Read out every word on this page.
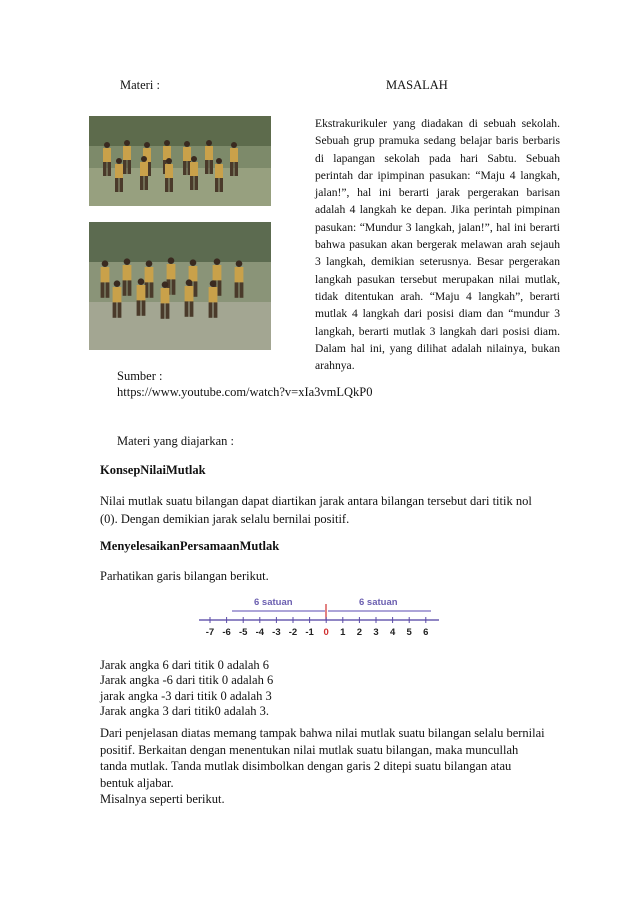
Materi :	MASALAH
Ekstrakurikuler yang diadakan di sebuah sekolah. Sebuah grup pramuka sedang belajar baris berbaris di lapangan sekolah pada hari Sabtu. Sebuah perintah dar ipimpinan pasukan: “Maju 4 langkah, jalan!”, hal ini berarti jarak pergerakan barisan adalah 4 langkah ke depan. Jika perintah pimpinan pasukan: “Mundur 3 langkah, jalan!”, hal ini berarti bahwa pasukan akan bergerak melawan arah sejauh 3 langkah, demikian seterusnya. Besar pergerakan langkah pasukan tersebut merupakan nilai mutlak, tidak ditentukan arah. “Maju 4 langkah”, berarti mutlak 4 langkah dari posisi diam dan “mundur 3 langkah, berarti mutlak 3 langkah dari posisi diam. Dalam hal ini, yang dilihat adalah nilainya, bukan arahnya.
Sumber :
https://www.youtube.com/watch?v=xIa3vmLQkP0
Materi yang diajarkan :
KonsepNilaiMutlak
Nilai mutlak suatu bilangan dapat diartikan jarak antara bilangan tersebut dari titik nol
(0). Dengan demikian jarak selalu bernilai positif.
MenyelesaikanPersamaanMutlak
Parhatikan garis bilangan berikut.
6 satuan	6 satuan
-7 -6 -5 -4 -3 -2 -1 0 1 2 3 4 5 6
Jarak angka 6 dari titik 0 adalah 6
Jarak angka -6 dari titik 0 adalah 6
jarak angka -3 dari titik 0 adalah 3
Jarak angka 3 dari titik0 adalah 3.
Dari penjelasan diatas memang tampak bahwa nilai mutlak suatu bilangan selalu bernilai
positif. Berkaitan dengan menentukan nilai mutlak suatu bilangan, maka muncullah
tanda mutlak. Tanda mutlak disimbolkan dengan garis 2 ditepi suatu bilangan atau
bentuk aljabar.
Misalnya seperti berikut.
